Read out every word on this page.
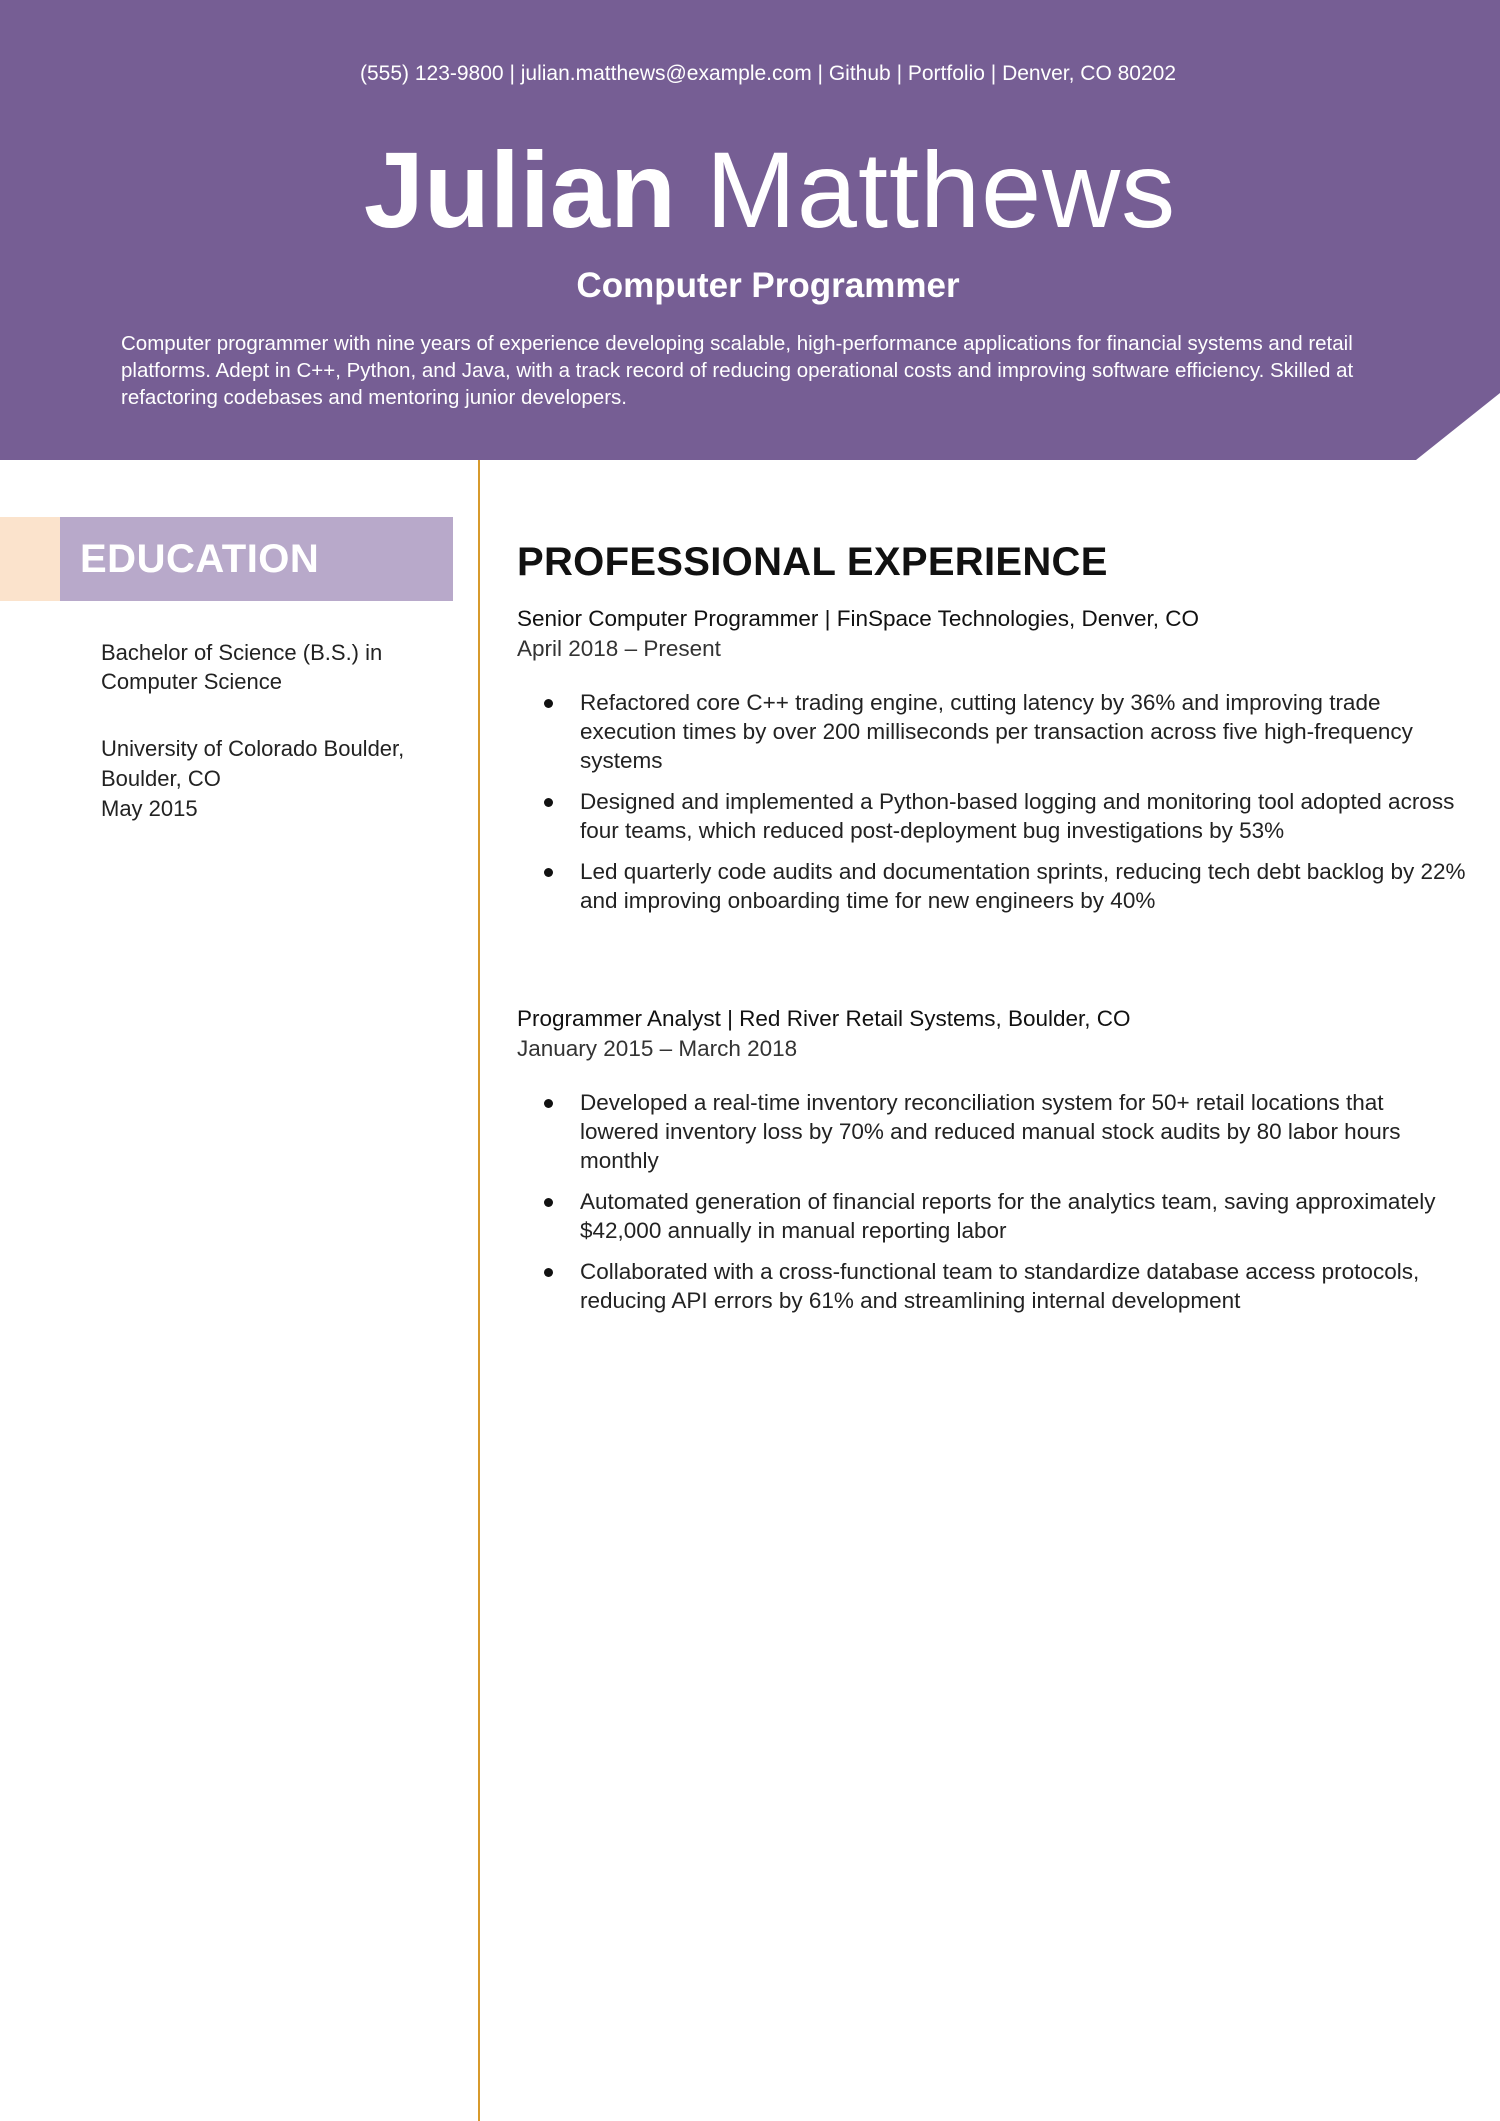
(555) 123-9800 | julian.matthews@example.com | Github | Portfolio | Denver, CO 80202
Julian Matthews
Computer Programmer
Computer programmer with nine years of experience developing scalable, high-performance applications for financial systems and retail platforms. Adept in C++, Python, and Java, with a track record of reducing operational costs and improving software efficiency. Skilled at refactoring codebases and mentoring junior developers.
EDUCATION
Bachelor of Science (B.S.) in Computer Science
University of Colorado Boulder,
Boulder, CO
May 2015
PROFESSIONAL EXPERIENCE
Senior Computer Programmer | FinSpace Technologies, Denver, CO
April 2018 – Present
Refactored core C++ trading engine, cutting latency by 36% and improving trade execution times by over 200 milliseconds per transaction across five high-frequency systems
Designed and implemented a Python-based logging and monitoring tool adopted across four teams, which reduced post-deployment bug investigations by 53%
Led quarterly code audits and documentation sprints, reducing tech debt backlog by 22% and improving onboarding time for new engineers by 40%
Programmer Analyst | Red River Retail Systems, Boulder, CO
January 2015 – March 2018
Developed a real-time inventory reconciliation system for 50+ retail locations that lowered inventory loss by 70% and reduced manual stock audits by 80 labor hours monthly
Automated generation of financial reports for the analytics team, saving approximately $42,000 annually in manual reporting labor
Collaborated with a cross-functional team to standardize database access protocols, reducing API errors by 61% and streamlining internal development
